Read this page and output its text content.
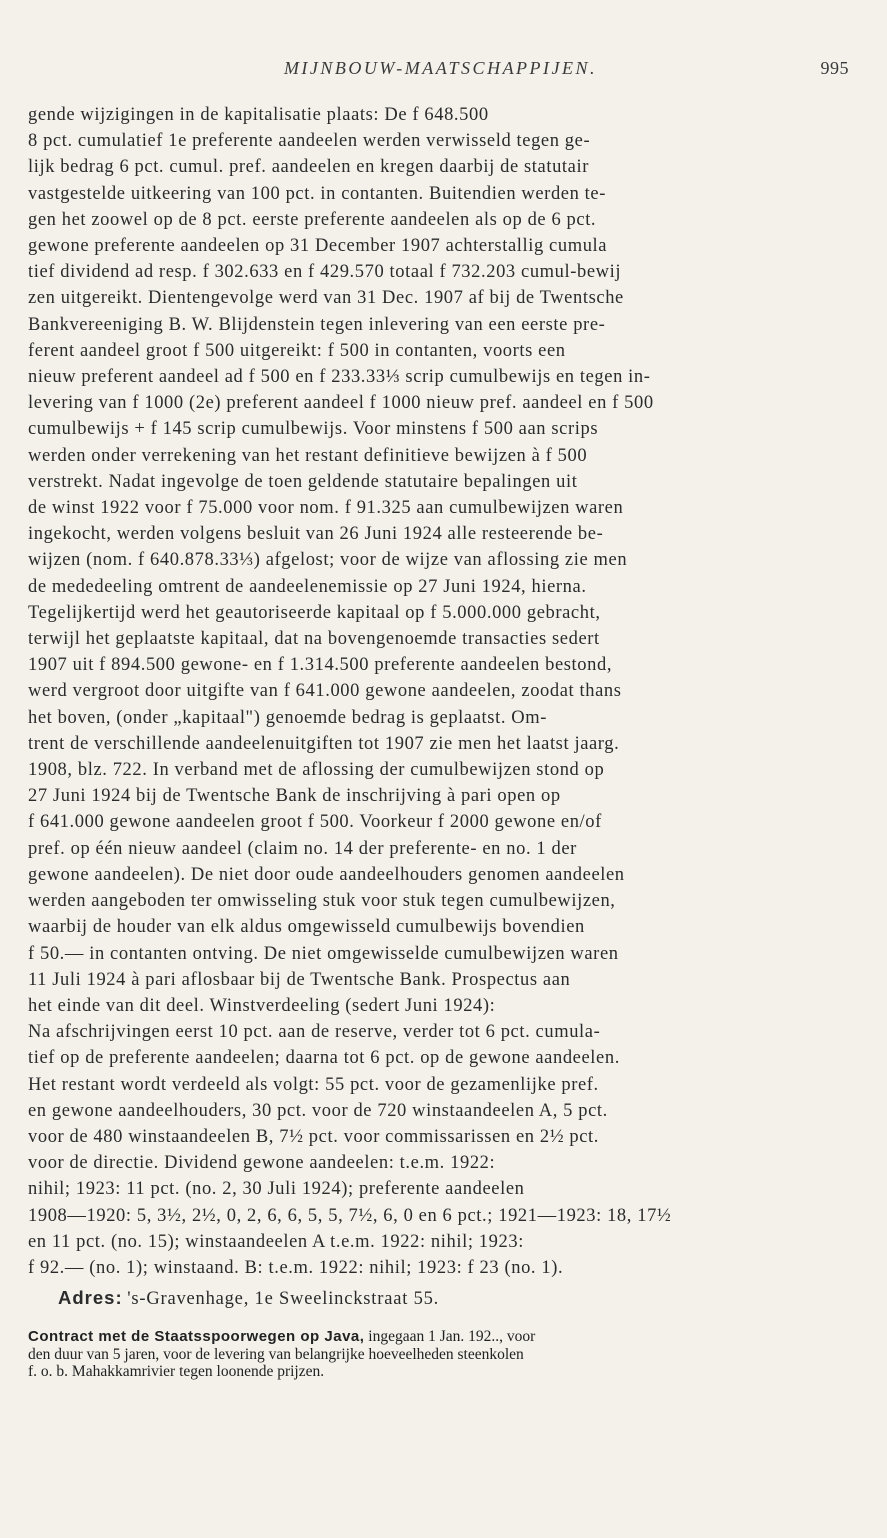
MIJNBOUW-MAATSCHAPPIJEN.	995
gende wijzigingen in de kapitalisatie plaats: De f 648.500
8 pct. cumulatief 1e preferente aandeelen werden verwisseld tegen ge-
lijk bedrag 6 pct. cumul. pref. aandeelen en kregen daarbij de statutair
vastgestelde uitkeering van 100 pct. in contanten. Buitendien werden te-
gen het zoowel op de 8 pct. eerste preferente aandeelen als op de 6 pct.
gewone preferente aandeelen op 31 December 1907 achterstallig cumula
tief dividend ad resp. f 302.633 en f 429.570 totaal f 732.203 cumul-bewij
zen uitgereikt. Dientengevolge werd van 31 Dec. 1907 af bij de Twentsche
Bankvereeniging B. W. Blijdenstein tegen inlevering van een eerste pre-
ferent aandeel groot f 500 uitgereikt: f 500 in contanten, voorts een
nieuw preferent aandeel ad f 500 en f 233.33⅓ scrip cumulbewijs en tegen in-
levering van f 1000 (2e) preferent aandeel f 1000 nieuw pref. aandeel en f 500
cumulbewijs + f 145 scrip cumulbewijs. Voor minstens f 500 aan scrips
werden onder verrekening van het restant definitieve bewijzen à f 500
verstrekt. Nadat ingevolge de toen geldende statutaire bepalingen uit
de winst 1922 voor f 75.000 voor nom. f 91.325 aan cumulbewijzen waren
ingekocht, werden volgens besluit van 26 Juni 1924 alle resteerende be-
wijzen (nom. f 640.878.33⅓) afgelost; voor de wijze van aflossing zie men
de mededeeling omtrent de aandeelenemissie op 27 Juni 1924, hierna.
Tegelijkertijd werd het geautoriseerde kapitaal op f 5.000.000 gebracht,
terwijl het geplaatste kapitaal, dat na bovengenoemde transacties sedert
1907 uit f 894.500 gewone- en f 1.314.500 preferente aandeelen bestond,
werd vergroot door uitgifte van f 641.000 gewone aandeelen, zoodat thans
het boven, (onder „kapitaal") genoemde bedrag is geplaatst. Om-
trent de verschillende aandeelenuitgiften tot 1907 zie men het laatst jaarg.
1908, blz. 722. In verband met de aflossing der cumulbewijzen stond op
27 Juni 1924 bij de Twentsche Bank de inschrijving à pari open op
f 641.000 gewone aandeelen groot f 500. Voorkeur f 2000 gewone en/of
pref. op één nieuw aandeel (claim no. 14 der preferente- en no. 1 der
gewone aandeelen). De niet door oude aandeelhouders genomen aandeelen
werden aangeboden ter omwisseling stuk voor stuk tegen cumulbewijzen,
waarbij de houder van elk aldus omgewisseld cumulbewijs bovendien
f 50.— in contanten ontving. De niet omgewisselde cumulbewijzen waren
11 Juli 1924 à pari aflosbaar bij de Twentsche Bank. Prospectus aan
het einde van dit deel. Winstverdeeling (sedert Juni 1924):
Na afschrijvingen eerst 10 pct. aan de reserve, verder tot 6 pct. cumula-
tief op de preferente aandeelen; daarna tot 6 pct. op de gewone aandeelen.
Het restant wordt verdeeld als volgt: 55 pct. voor de gezamenlijke pref.
en gewone aandeelhouders, 30 pct. voor de 720 winstaandeelen A, 5 pct.
voor de 480 winstaandeelen B, 7½ pct. voor commissarissen en 2½ pct.
voor de directie. Dividend gewone aandeelen: t.e.m. 1922:
nihil; 1923: 11 pct. (no. 2, 30 Juli 1924); preferente aandeelen
1908—1920: 5, 3½, 2½, 0, 2, 6, 6, 5, 5, 7½, 6, 0 en 6 pct.; 1921—1923: 18, 17½
en 11 pct. (no. 15); winstaandeelen A t.e.m. 1922: nihil; 1923:
f 92.— (no. 1); winstaand. B: t.e.m. 1922: nihil; 1923: f 23 (no. 1).
Adres: 's-Gravenhage, 1e Sweelinckstraat 55.
Contract met de Staatsspoorwegen op Java, ingegaan 1 Jan. 192.., voor
den duur van 5 jaren, voor de levering van belangrijke hoeveelheden steenkolen
f. o. b. Mahakkamrivier tegen loonende prijzen.
